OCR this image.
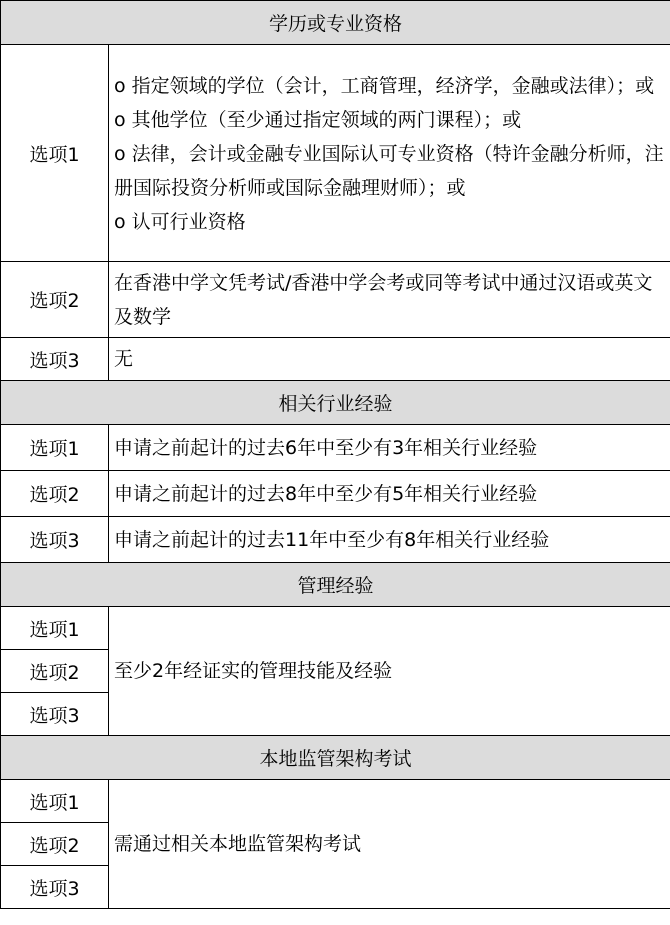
学历或专业资格	
选项1	o 指定领域的学位（会计，工商管理，经济学，金融或法律）；或
o 其他学位（至少通过指定领域的两门课程）；或
o 法律，会计或金融专业国际认可专业资格（特许金融分析师，注册国际投资分析师或国际金融理财师）；或
o 认可行业资格

选项2	在香港中学文凭考试/香港中学会考或同等考试中通过汉语或英文及数学
选项3	无
相关行业经验	
选项1	申请之前起计的过去6年中至少有3年相关行业经验
选项2	申请之前起计的过去8年中至少有5年相关行业经验
选项3	申请之前起计的过去11年中至少有8年相关行业经验
管理经验	
选项1	至少2年经证实的管理技能及经验
选项2	
选项3	
本地监管架构考试	
选项1	需通过相关本地监管架构考试
选项2	
选项3	
